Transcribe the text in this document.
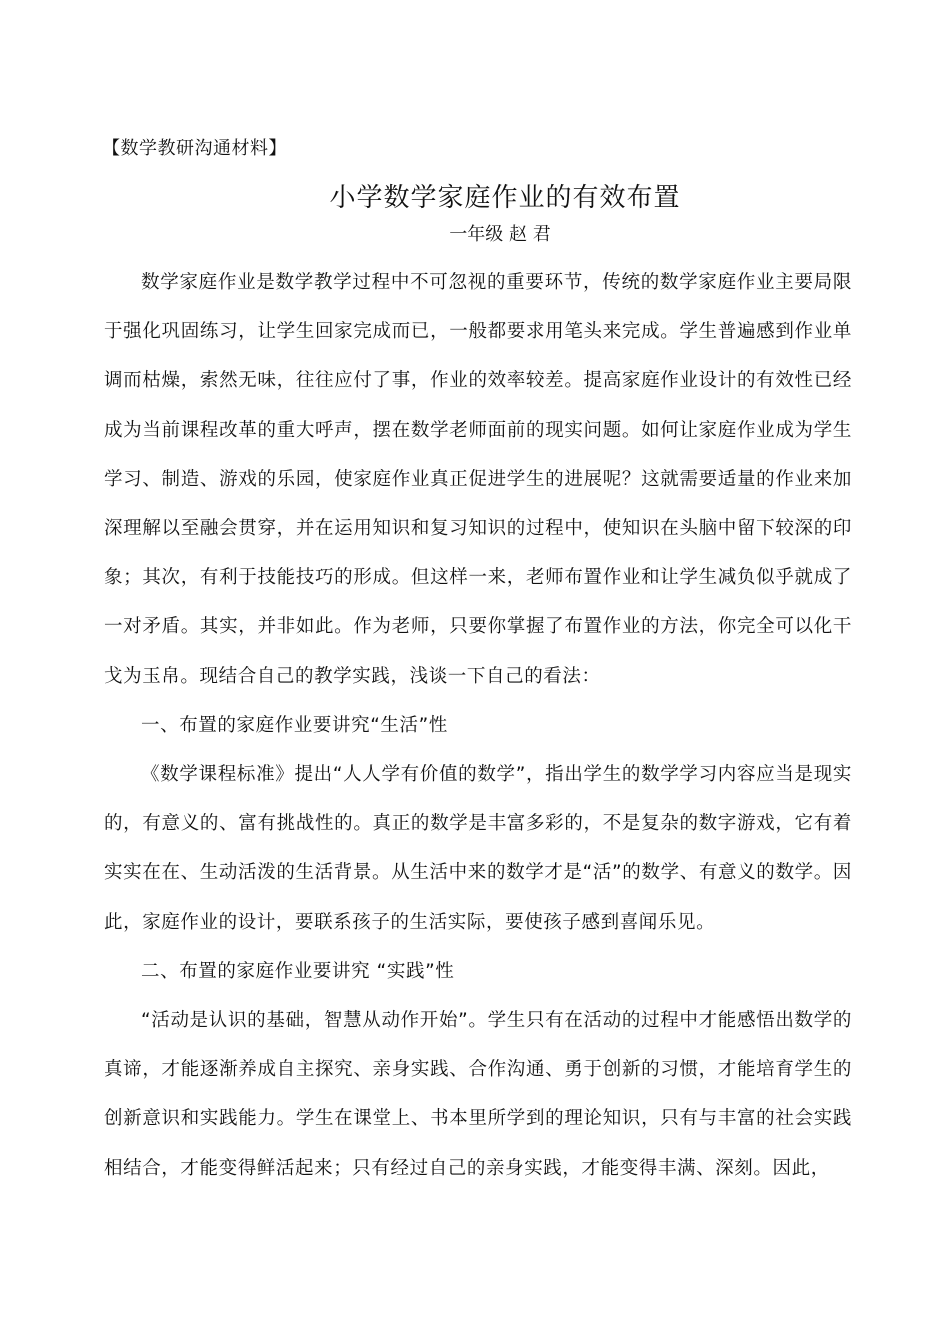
【数学教研沟通材料】
小学数学家庭作业的有效布置
一年级 赵 君

数学家庭作业是数学教学过程中不可忽视的重要环节，传统的数学家庭作业主要局限于强化巩固练习，让学生回家完成而已，一般都要求用笔头来完成。学生普遍感到作业单调而枯燥，索然无味，往往应付了事，作业的效率较差。提高家庭作业设计的有效性已经成为当前课程改革的重大呼声，摆在数学老师面前的现实问题。如何让家庭作业成为学生学习、制造、游戏的乐园，使家庭作业真正促进学生的进展呢？这就需要适量的作业来加深理解以至融会贯穿，并在运用知识和复习知识的过程中，使知识在头脑中留下较深的印象；其次，有利于技能技巧的形成。但这样一来，老师布置作业和让学生减负似乎就成了一对矛盾。其实，并非如此。作为老师，只要你掌握了布置作业的方法，你完全可以化干戈为玉帛。现结合自己的教学实践，浅谈一下自己的看法：

一、布置的家庭作业要讲究“生活”性

《数学课程标准》提出“人人学有价值的数学”，指出学生的数学学习内容应当是现实的，有意义的、富有挑战性的。真正的数学是丰富多彩的，不是复杂的数字游戏，它有着实实在在、生动活泼的生活背景。从生活中来的数学才是“活”的数学、有意义的数学。因此，家庭作业的设计，要联系孩子的生活实际，要使孩子感到喜闻乐见。

二、布置的家庭作业要讲究 “实践”性

“活动是认识的基础，智慧从动作开始”。学生只有在活动的过程中才能感悟出数学的真谛，才能逐渐养成自主探究、亲身实践、合作沟通、勇于创新的习惯，才能培育学生的创新意识和实践能力。学生在课堂上、书本里所学到的理论知识，只有与丰富的社会实践相结合，才能变得鲜活起来；只有经过自己的亲身实践，才能变得丰满、深刻。因此，
